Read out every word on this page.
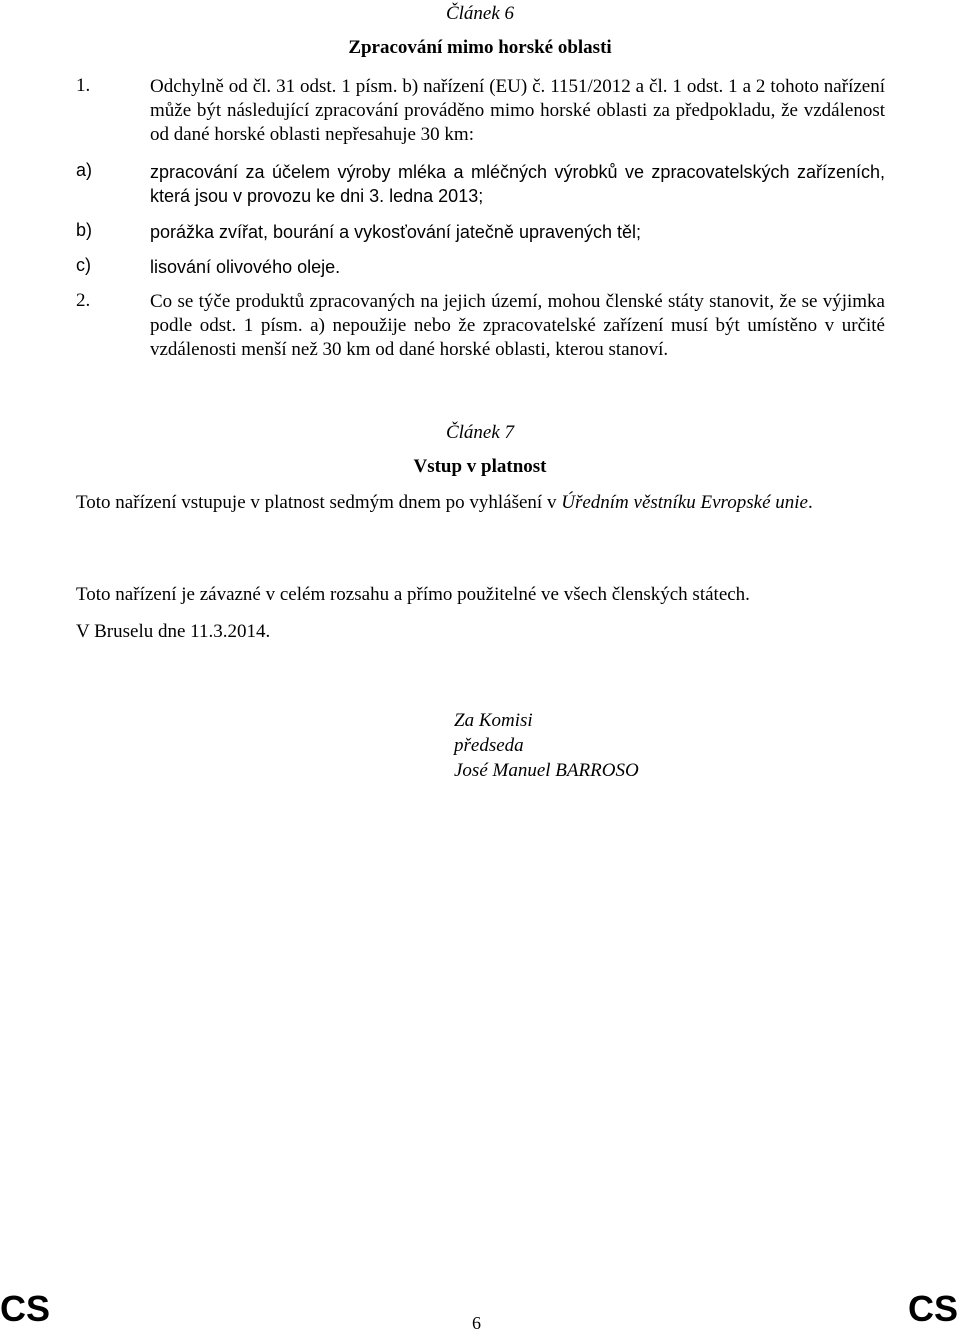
Článek 6
Zpracování mimo horské oblasti
1.	Odchylně od čl. 31 odst. 1 písm. b) nařízení (EU) č. 1151/2012 a čl. 1 odst. 1 a 2 tohoto nařízení může být následující zpracování prováděno mimo horské oblasti za předpokladu, že vzdálenost od dané horské oblasti nepřesahuje 30 km:
a)	zpracování za účelem výroby mléka a mléčných výrobků ve zpracovatelských zařízeních, která jsou v provozu ke dni 3. ledna 2013;
b)	porážka zvířat, bourání a vykosťování jatečně upravených těl;
c)	lisování olivového oleje.
2.	Co se týče produktů zpracovaných na jejich území, mohou členské státy stanovit, že se výjimka podle odst. 1 písm. a) nepoužije nebo že zpracovatelské zařízení musí být umístěno v určité vzdálenosti menší než 30 km od dané horské oblasti, kterou stanoví.
Článek 7
Vstup v platnost
Toto nařízení vstupuje v platnost sedmým dnem po vyhlášení v Úředním věstníku Evropské unie.
Toto nařízení je závazné v celém rozsahu a přímo použitelné ve všech členských státech.
V Bruselu dne 11.3.2014.
Za Komisi
předseda
José Manuel BARROSO
CS	6	CS
